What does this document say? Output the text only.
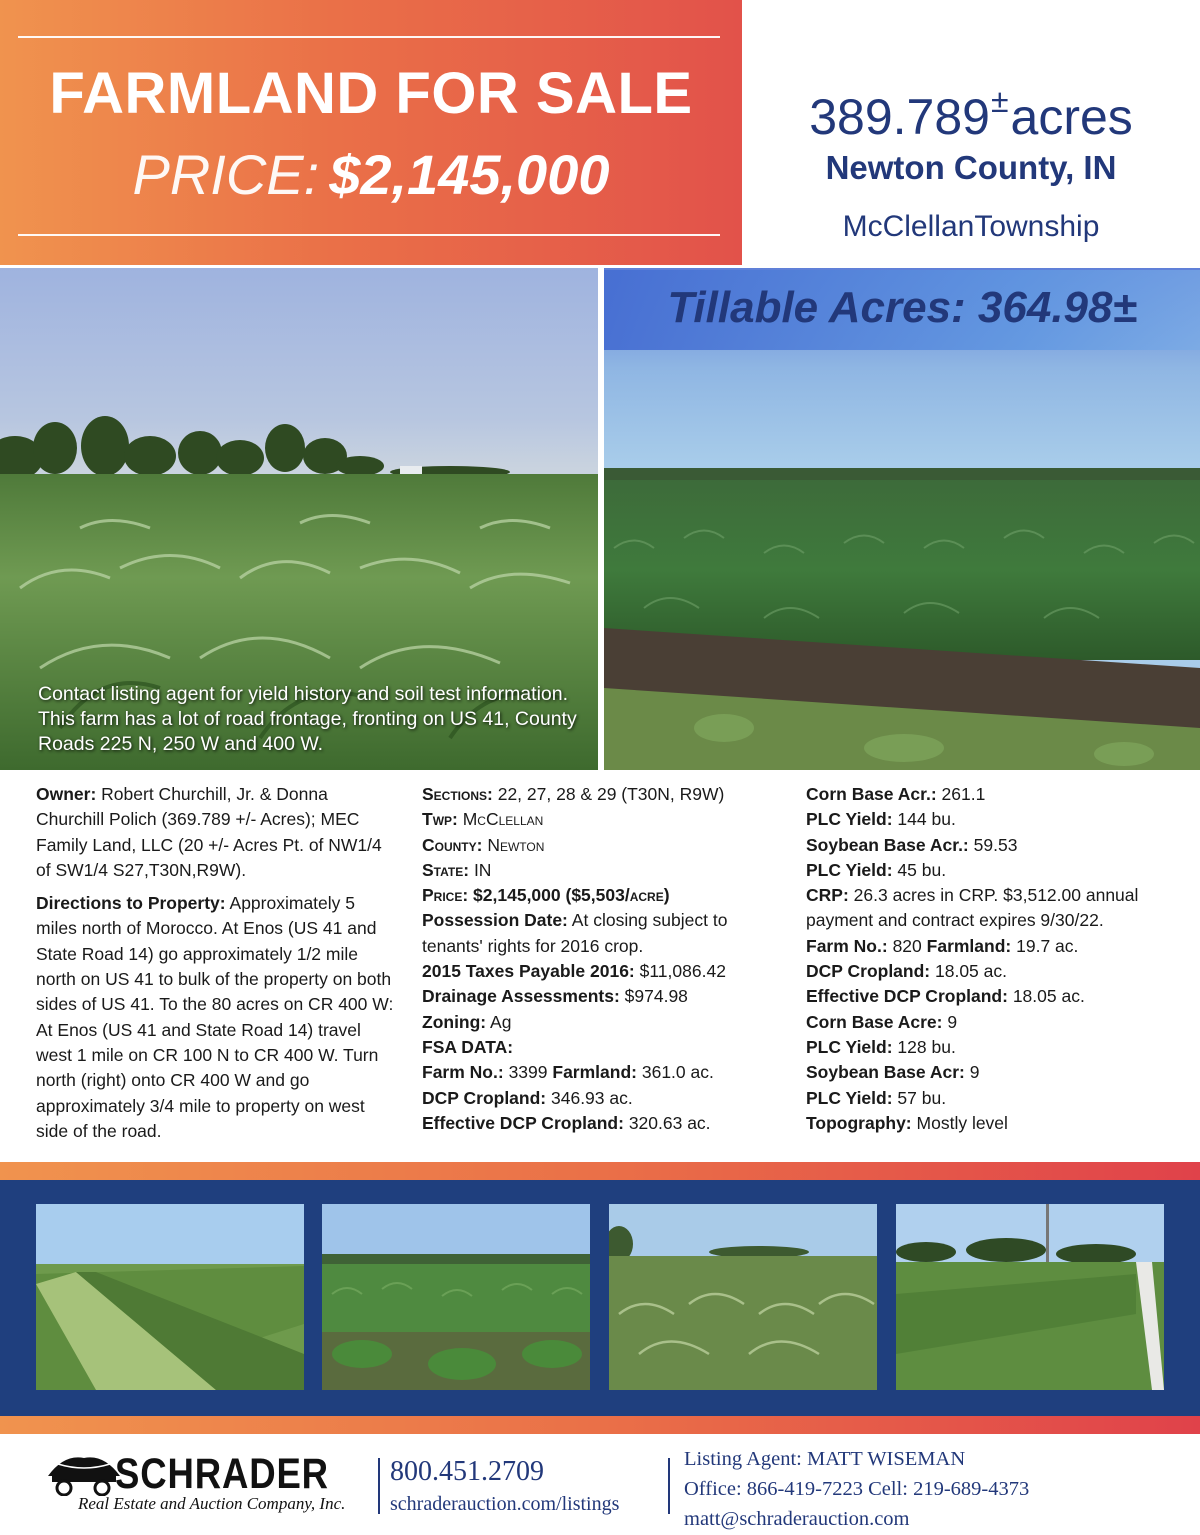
FARMLAND FOR SALE
PRICE: $2,145,000
389.789±acres
Newton County, IN
McClellanTownship
Tillable Acres: 364.98±
Contact listing agent for yield history and soil test information. This farm has a lot of road frontage, fronting on US 41, County Roads 225 N, 250 W and 400 W.

Owner: Robert Churchill, Jr. & Donna Churchill Polich (369.789 +/- Acres); MEC Family Land, LLC (20 +/- Acres Pt. of NW1/4 of SW1/4 S27,T30N,R9W).

Directions to Property: Approximately 5 miles north of Morocco. At Enos (US 41 and State Road 14) go approximately 1/2 mile north on US 41 to bulk of the property on both sides of US 41. To the 80 acres on CR 400 W: At Enos (US 41 and State Road 14) travel west 1 mile on CR 100 N to CR 400 W. Turn north (right) onto CR 400 W and go approximately 3/4 mile to property on west side of the road.

Sections: 22, 27, 28 & 29 (T30N, R9W)

Twp: McClellan

County: Newton

State: IN

Price: $2,145,000 ($5,503/acre)

Possession Date: At closing subject to tenants' rights for 2016 crop.

2015 Taxes Payable 2016: $11,086.42

Drainage Assessments: $974.98

Zoning: Ag

FSA DATA:

Farm No.: 3399 Farmland: 361.0 ac.

DCP Cropland: 346.93 ac.

Effective DCP Cropland: 320.63 ac.

Corn Base Acr.: 261.1

PLC Yield: 144 bu.

Soybean Base Acr.: 59.53

PLC Yield: 45 bu.

CRP: 26.3 acres in CRP. $3,512.00 annual payment and contract expires 9/30/22.

Farm No.: 820 Farmland: 19.7 ac.

DCP Cropland: 18.05 ac.

Effective DCP Cropland: 18.05 ac.

Corn Base Acre: 9

PLC Yield: 128 bu.

Soybean Base Acr: 9

PLC Yield: 57 bu.

Topography: Mostly level

SCHRADER
Real Estate and Auction Company, Inc.
800.451.2709
schraderauction.com/listings
Listing Agent: MATT WISEMAN
Office: 866-419-7223 Cell: 219-689-4373
matt@schraderauction.com
